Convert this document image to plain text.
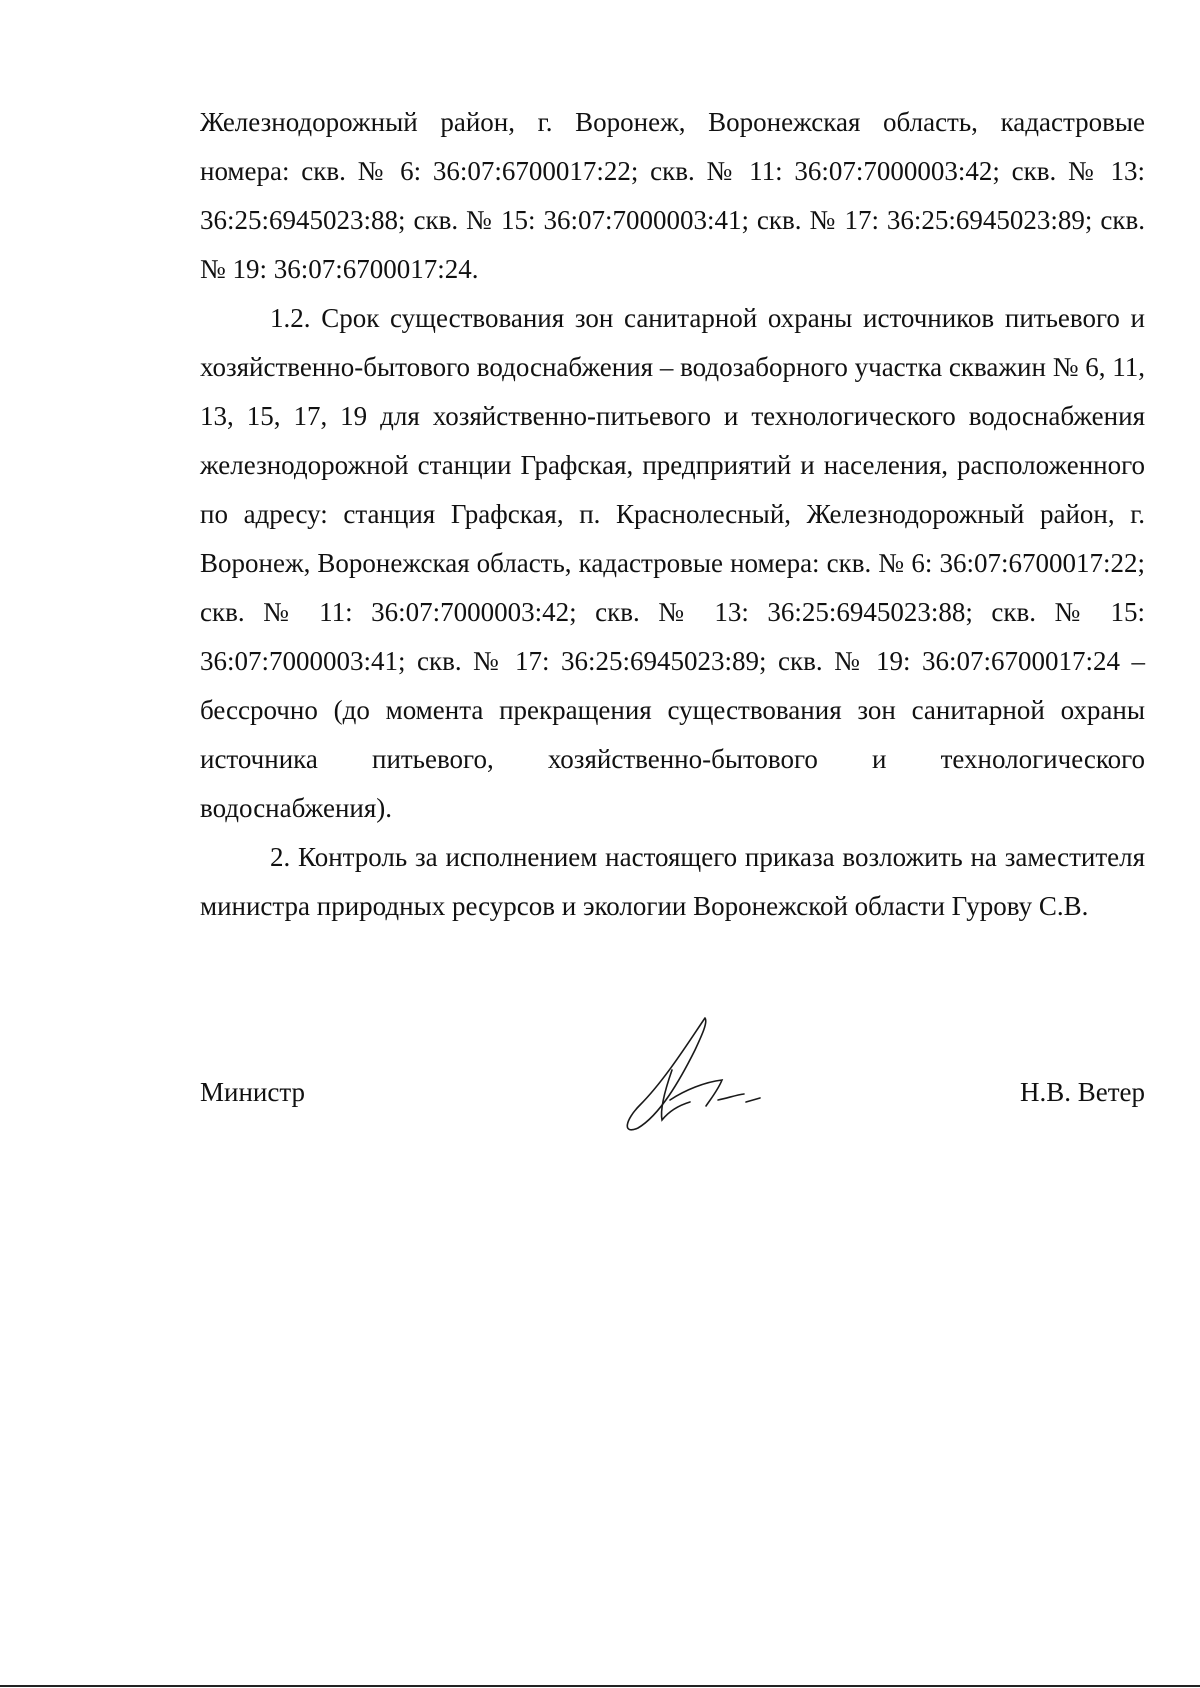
Железнодорожный район, г. Воронеж, Воронежская область, кадастровые номера: скв. № 6: 36:07:6700017:22; скв. № 11: 36:07:7000003:42; скв. № 13: 36:25:6945023:88; скв. № 15: 36:07:7000003:41; скв. № 17: 36:25:6945023:89; скв. № 19: 36:07:6700017:24.

1.2. Срок существования зон санитарной охраны источников питьевого и хозяйственно-бытового водоснабжения – водозаборного участка скважин № 6, 11, 13, 15, 17, 19 для хозяйственно-питьевого и технологического водоснабжения железнодорожной станции Графская, предприятий и населения, расположенного по адресу: станция Графская, п. Краснолесный, Железнодорожный район, г. Воронеж, Воронежская область, кадастровые номера: скв. № 6: 36:07:6700017:22; скв. № 11: 36:07:7000003:42; скв. № 13: 36:25:6945023:88; скв. № 15: 36:07:7000003:41; скв. № 17: 36:25:6945023:89; скв. № 19: 36:07:6700017:24 – бессрочно (до момента прекращения существования зон санитарной охраны источника питьевого, хозяйственно-бытового и технологического водоснабжения).

2. Контроль за исполнением настоящего приказа возложить на заместителя министра природных ресурсов и экологии Воронежской области Гурову С.В.

Министр	Н.В. Ветер
